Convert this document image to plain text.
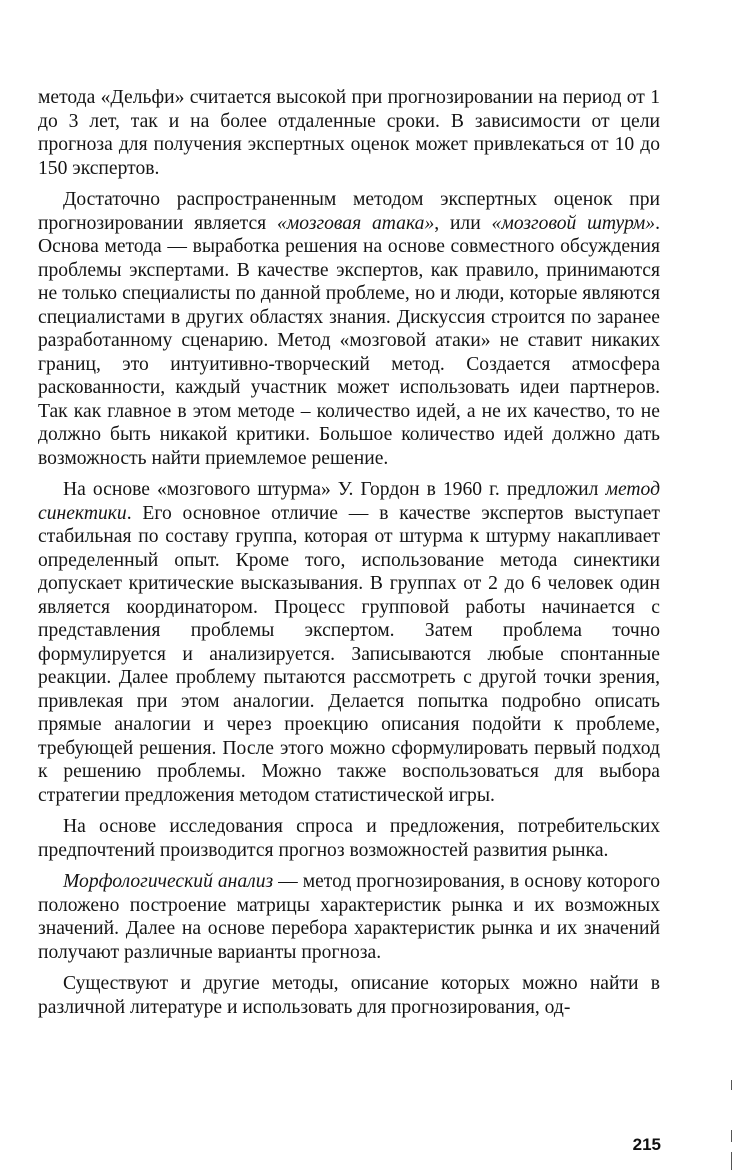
метода «Дельфи» считается высокой при прогнозировании на период от 1 до 3 лет, так и на более отдаленные сроки. В зависимости от цели прогноза для получения экспертных оценок может привлекаться от 10 до 150 экспертов.

Достаточно распространенным методом экспертных оценок при прогнозировании является «мозговая атака», или «мозговой штурм». Основа метода — выработка решения на основе совместного обсуждения проблемы экспертами. В качестве экспертов, как правило, принимаются не только специалисты по данной проблеме, но и люди, которые являются специалистами в других областях знания. Дискуссия строится по заранее разработанному сценарию. Метод «мозговой атаки» не ставит никаких границ, это интуитивно-творческий метод. Создается атмосфера раскованности, каждый участник может использовать идеи партнеров. Так как главное в этом методе – количество идей, а не их качество, то не должно быть никакой критики. Большое количество идей должно дать возможность найти приемлемое решение.

На основе «мозгового штурма» У. Гордон в 1960 г. предложил метод синектики. Его основное отличие — в качестве экспертов выступает стабильная по составу группа, которая от штурма к штурму накапливает определенный опыт. Кроме того, использование метода синектики допускает критические высказывания. В группах от 2 до 6 человек один является координатором. Процесс групповой работы начинается с представления проблемы экспертом. Затем проблема точно формулируется и анализируется. Записываются любые спонтанные реакции. Далее проблему пытаются рассмотреть с другой точки зрения, привлекая при этом аналогии. Делается попытка подробно описать прямые аналогии и через проекцию описания подойти к проблеме, требующей решения. После этого можно сформулировать первый подход к решению проблемы. Можно также воспользоваться для выбора стратегии предложения методом статистической игры.

На основе исследования спроса и предложения, потребительских предпочтений производится прогноз возможностей развития рынка.

Морфологический анализ — метод прогнозирования, в основу которого положено построение матрицы характеристик рынка и их возможных значений. Далее на основе перебора характеристик рынка и их значений получают различные варианты прогноза.

Существуют и другие методы, описание которых можно найти в различной литературе и использовать для прогнозирования, од-

215
